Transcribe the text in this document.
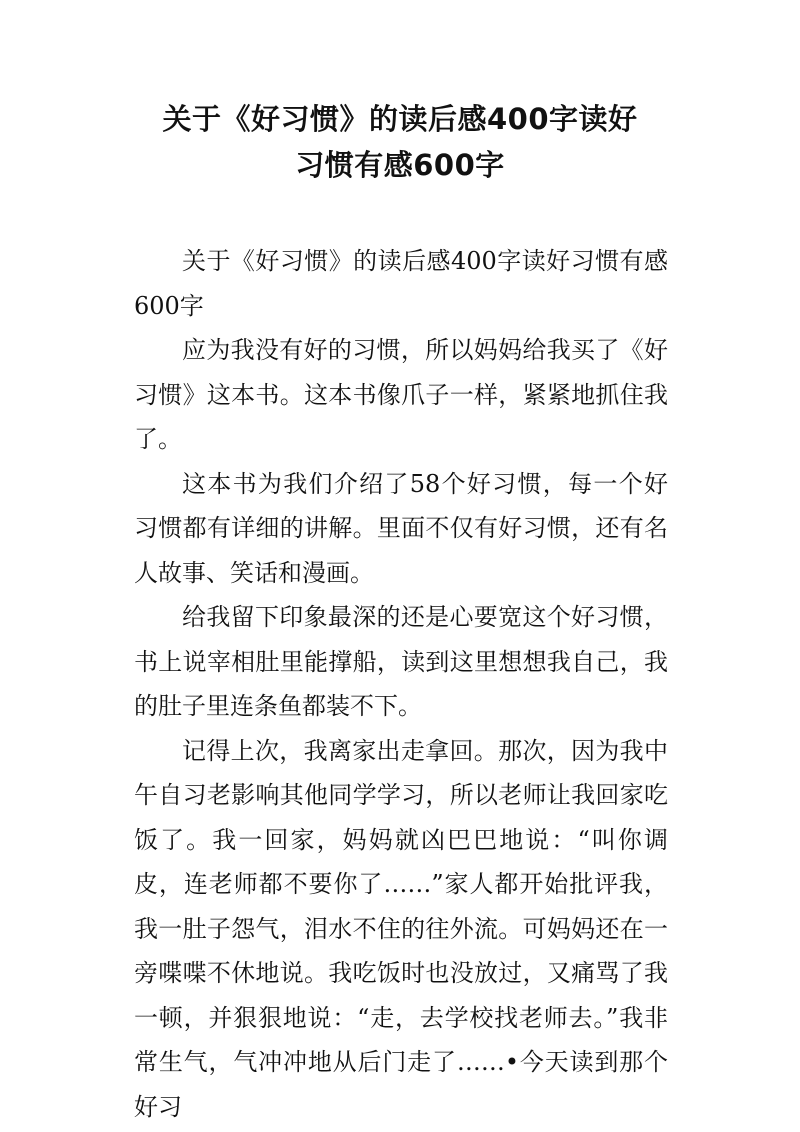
关于《好习惯》的读后感400字读好
习惯有感600字

关于《好习惯》的读后感400字读好习惯有感600字

应为我没有好的习惯，所以妈妈给我买了《好习惯》这本书。这本书像爪子一样，紧紧地抓住我了。

这本书为我们介绍了58个好习惯，每一个好习惯都有详细的讲解。里面不仅有好习惯，还有名人故事、笑话和漫画。

给我留下印象最深的还是心要宽这个好习惯，书上说宰相肚里能撑船，读到这里想想我自己，我的肚子里连条鱼都装不下。

记得上次，我离家出走拿回。那次，因为我中午自习老影响其他同学学习，所以老师让我回家吃饭了。我一回家，妈妈就凶巴巴地说：“叫你调皮，连老师都不要你了……”家人都开始批评我，我一肚子怨气，泪水不住的往外流。可妈妈还在一旁喋喋不休地说。我吃饭时也没放过，又痛骂了我一顿，并狠狠地说：“走，去学校找老师去。”我非常生气，气冲冲地从后门走了……•今天读到那个好习
